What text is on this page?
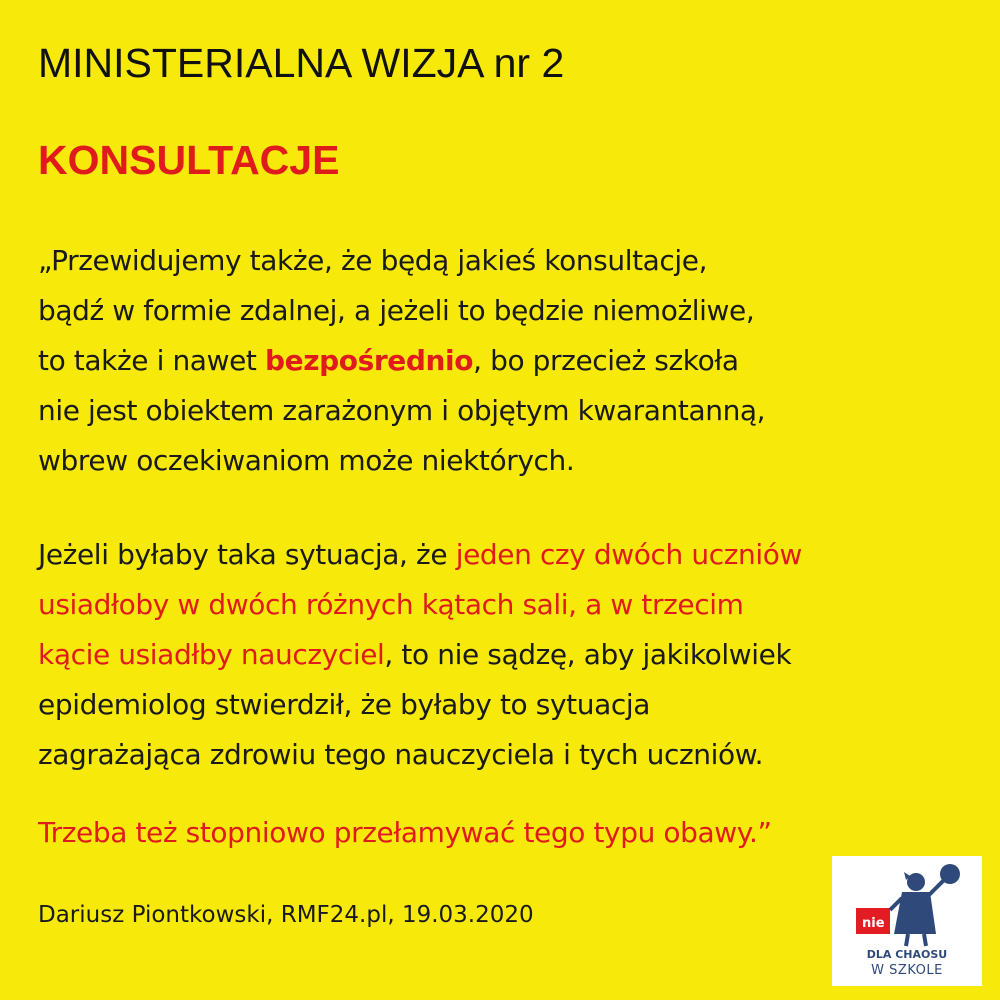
MINISTERIALNA WIZJA nr 2
KONSULTACJE
„Przewidujemy także, że będą jakieś konsultacje,
bądź w formie zdalnej, a jeżeli to będzie niemożliwe,
to także i nawet bezpośrednio, bo przecież szkoła
nie jest obiektem zarażonym i objętym kwarantanną,
wbrew oczekiwaniom może niektórych.
Jeżeli byłaby taka sytuacja, że jeden czy dwóch uczniów
usiadłoby w dwóch różnych kątach sali, a w trzecim
kącie usiadłby nauczyciel, to nie sądzę, aby jakikolwiek
epidemiolog stwierdził, że byłaby to sytuacja
zagrażająca zdrowiu tego nauczyciela i tych uczniów.
Trzeba też stopniowo przełamywać tego typu obawy.”
Dariusz Piontkowski, RMF24.pl, 19.03.2020	nie
DLA CHAOSU
W SZKOLE
